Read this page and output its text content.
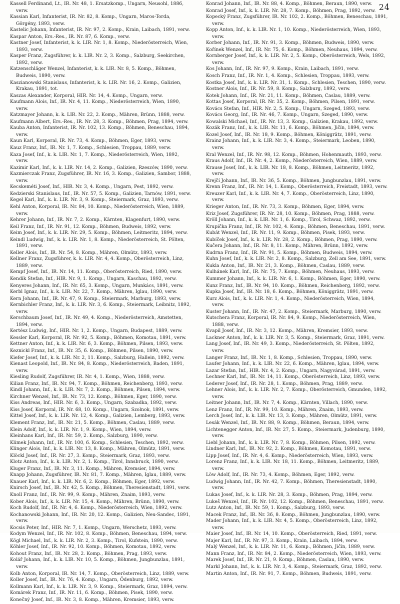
24

Kassell Ferdinand, Lt., IR. Nr. 48, 1. Ersatzkomp., Ungarn, Neusohl, 1886, verw.

Kassian Karl, Infanterist, IR. Nr. 82, 8. Komp., Ungarn, Maros-Torda, Görgény, 1893, verw.

Kastelic Johann, Infanterist, IR. Nr. 97, 2. Komp., Krain, Laibach, 1891, verw.

Kaspar Anton, Ers.-Res., IR. Nr. 87, 6. Komp., verw.

Kastner Josef, Infanterist, k. k. LIR. Nr. 1, 8. Komp., Niederösterreich, Wien, 1893, verw.

Kasper Franz, Zugsführer, k. k. LIR. Nr. 2, 3. Komp., Salzburg, Seekirchen, 1892, verw.

Katzenschläger Wenzel, Infanterist, k. k. LIR. Nr. 8, 5. Komp., Böhmen, Budweis, 1890, verw.

Kaszianowski Stanislaus, Infanterist, k. k. LIR. Nr. 16, 2. Komp., Galizien, Krakau, 1891, tot.

Kaszas Alexander, Korporal, HIR. Nr. 14, 4. Komp., Ungarn, verw.

Kaufmann Alois, Inf., IR. Nr. 4, 11. Komp., Niederösterreich, Wien, 1890, verw.

Katzmayer Johann, k. k. LIR. Nr. 22, 2. Komp., Mähren, Brünn, 1888, verw.

Kaufmann Albert, Ers.-Res., IR. Nr. 28, 3. Komp., Böhmen, Prag, 1894, verw.

Kauba Anton, Infanterist, IR. Nr. 102, 13. Komp., Böhmen, Beneschau, 1894, verw.

Kaun Karl, Korporal, IR. Nr. 73, 4. Komp., Böhmen, Eger, 1893, verw.

Kauz Franz, Inf., IR. Nr. 1, 7. Komp., Schlesien, Troppau, 1889, verw.

Kaza Josef, Inf., k. k. LIR. Nr. 1, 7. Komp., Niederösterreich, Wien, 1892, verw.

Kazimir Karl, Inf., k. k. LIR. Nr. 14, 2. Komp., Galizien, Rzeszów, 1890, verw.

Kazmierczak Franz, Zugsführer, IR. Nr. 16, 3. Komp., Galizien, Sambor, 1888, verw.

Kecskeméti Josef, Inf., HIR. Nr. 3, 4. Komp., Ungarn, Pest, 1892, verw.

Kedzierski Stanislaus, Inf., IR. Nr. 57, 5. Komp., Galizien, Tarnów, 1891, verw.

Kegel Karl, Inf., k. k. LIR. Nr. 3, 9. Komp., Steiermark, Graz, 1893, verw.

Kehl Anton, Korporal, IR. Nr. 84, 10. Komp., Niederösterreich, Wien, 1889, verw.

Kehrer Johann, Inf., IR. Nr. 7, 2. Komp., Kärnten, Klagenfurt, 1890, verw.

Keil Franz, Inf., IR. Nr. 91, 12. Komp., Böhmen, Budweis, 1892, verw.

Keim Josef, Inf., k. k. LIR. Nr. 29, 5. Komp., Böhmen, Leitmeritz, 1894, verw.

Keindl Ludwig, Inf., k. k. LIR. Nr. 1, 8. Komp., Niederösterreich, St. Pölten, 1891, verw.

Keller Alois, Inf., IR. Nr. 54, 8. Komp., Mähren, Olmütz, 1893, verw.

Kellner Franz, Zugsführer, k. k. LIR. Nr. 4, 4. Komp., Oberösterreich, Linz, 1889, verw.

Kempf Josef, Inf., IR. Nr. 14, 11. Komp., Oberösterreich, Ried, 1890, verw.

Kendik Stefan, Inf., HIR. Nr. 9, 1. Komp., Ungarn, Kaschau, 1892, verw.

Kenyeres Johann, Inf., IR. Nr. 65, 3. Komp., Ungarn, Munkács, 1891, verw.

Kerbl Ignaz, Inf., k. k. LIR. Nr. 22, 7. Komp., Mähren, Iglau, 1890, verw.

Kern Johann, Inf., IR. Nr. 47, 9. Komp., Steiermark, Marburg, 1893, verw.

Kernbichler Franz, Inf., k. k. LIR. Nr. 3, 6. Komp., Steiermark, Leibnitz, 1892, verw.

Kerschbaum Josef, Inf., IR. Nr. 49, 4. Komp., Niederösterreich, Amstetten, 1894, verw.

Kertész Ludwig, Inf., HIR. Nr. 1, 2. Komp., Ungarn, Budapest, 1889, verw.

Kessler Karl, Korporal, IR. Nr. 92, 5. Komp., Böhmen, Komotau, 1891, verw.

Kettner Anton, Inf., k. k. LIR. Nr. 6, 3. Komp., Böhmen, Pilsen, 1893, verw.

Keznickl Franz, Inf., IR. Nr. 35, 6. Komp., Böhmen, Pilsen, 1890, verw.

Kiefer Josef, Inf., k. k. LIR. Nr. 2, 11. Komp., Salzburg, Hallein, 1892, verw.

Kienast Leopold, Inf., IR. Nr. 84, 8. Komp., Niederösterreich, Baden, 1891, verw.

Kiesling Rudolf, Zugsführer, IR. Nr. 4, 1. Komp., Wien, 1888, verw.

Kilian Franz, Inf., IR. Nr. 94, 7. Komp., Böhmen, Reichenberg, 1893, verw.

Kindl Johann, Inf., k. k. LIR. Nr. 7, 2. Komp., Böhmen, Pilsen, 1894, verw.

Kirchner Wenzel, Inf., IR. Nr. 73, 12. Komp., Böhmen, Eger, 1890, verw.

Kiss Andreas, Inf., HIR. Nr. 6, 3. Komp., Ungarn, Szabadka, 1892, verw.

Kiss Josef, Korporal, IR. Nr. 68, 10. Komp., Ungarn, Szolnok, 1891, verw.

Kittel Josef, Inf., k. k. LIR. Nr. 12, 4. Komp., Galizien, Lemberg, 1893, verw.

Klement Franz, Inf., IR. Nr. 21, 5. Komp., Böhmen, Caslau, 1889, verw.

Klein Adolf, Inf., k. k. LIR. Nr. 1, 9. Komp., Wien, 1894, verw.

Kleinhans Karl, Inf., IR. Nr. 59, 2. Komp., Salzburg, 1890, verw.

Klimek Johann, Inf., IR. Nr. 100, 6. Komp., Schlesien, Teschen, 1892, verw.

Klinger Alois, Inf., k. k. LIR. Nr. 13, 8. Komp., Mähren, Olmütz, 1891, verw.

Klöckl Josef, Inf., IR. Nr. 27, 3. Komp., Steiermark, Graz, 1893, verw.

Klotz Anton, Inf., k. k. LIR. Nr. 2, 1. Komp., Tirol, Innsbruck, 1890, verw.

Kluger Franz, Inf., IR. Nr. 3, 11. Komp., Mähren, Kremsier, 1894, verw.

Knapp Johann, Zugsführer, IR. Nr. 81, 7. Komp., Mähren, Iglau, 1889, verw.

Knauer Karl, Inf., k. k. LIR. Nr. 6, 2. Komp., Böhmen, Eger, 1892, verw.

Knirsch Josef, Inf., IR. Nr. 42, 5. Komp., Böhmen, Theresienstadt, 1891, verw.

Knoll Franz, Inf., IR. Nr. 99, 9. Komp., Mähren, Znaim, 1893, verw.

Kober Alois, Inf., k. k. LIR. Nr. 15, 4. Komp., Mähren, Brünn, 1890, verw.

Koch Rudolf, Inf., IR. Nr. 4, 6. Komp., Niederösterreich, Wien, 1892, verw.

Kochanowski Johann, Inf., IR. Nr. 20, 12. Komp., Galizien, Neu-Sandec, 1891, verw.

Kocsis Peter, Inf., HIR. Nr. 7, 1. Komp., Ungarn, Werschetz, 1893, verw.

Kodym Wenzel, Inf., IR. Nr. 102, 8. Komp., Böhmen, Beneschau, 1894, verw.

Kögl Michael, Inf., k. k. LIR. Nr. 2, 3. Komp., Tirol, Kufstein, 1890, verw.

Köhler Josef, Inf., IR. Nr. 92, 10. Komp., Böhmen, Komotau, 1892, verw.

Kohout Franz, Inf., IR. Nr. 28, 2. Komp., Böhmen, Prag, 1893, verw.

Kolář Johann, Inf., k. k. LIR. Nr. 10, 5. Komp., Böhmen, Jungbunzlau, 1891, verw.

Kolb Anton, Korporal, IR. Nr. 14, 7. Komp., Oberösterreich, Linz, 1889, verw.

Koller Josef, Inf., IR. Nr. 76, 4. Komp., Ungarn, Ödenburg, 1892, verw.

Kollmann Karl, Inf., k. k. LIR. Nr. 3, 9. Komp., Steiermark, Graz, 1894, verw.

Komárek Franz, Inf., IR. Nr. 11, 6. Komp., Böhmen, Pisek, 1890, verw.

Konečný Josef, Inf., IR. Nr. 3, 8. Komp., Mähren, Kremsier, 1893, verw.

Konrad Johann, Inf., IR. Nr. 88, 4. Komp., Böhmen, Beraun, 1890, verw.

Konrad Josef, Inf., k. k. LIR. Nr. 28, 7. Komp., Böhmen, Prag, 1892, verw.

Kopecký Franz, Zugsführer, IR. Nr. 102, 2. Komp., Böhmen, Beneschau, 1891, verw.

Kopp Anton, Inf., k. k. LIR. Nr. 1, 10. Komp., Niederösterreich, Wien, 1893, verw.

Korber Johann, Inf., IR. Nr. 91, 3. Komp., Böhmen, Budweis, 1890, verw.

Kořínek Wenzel, Inf., IR. Nr. 75, 6. Komp., Böhmen, Neuhaus, 1894, verw.

Kornberger Josef, Inf., k. k. LIR. Nr. 2, 5. Komp., Oberösterreich, Wels, 1892, verw.

Kos Johann, Inf., IR. Nr. 97, 9. Komp., Krain, Laibach, 1891, verw.

Kosch Franz, Inf., IR. Nr. 1, 4. Komp., Schlesien, Troppau, 1893, verw.

Kostka Josef, Inf., k. k. LIR. Nr. 31, 1. Komp., Schlesien, Teschen, 1890, verw.

Kostner Alois, Inf., IR. Nr. 59, 8. Komp., Salzburg, 1892, verw.

Kotek Johann, Inf., IR. Nr. 21, 11. Komp., Böhmen, Caslau, 1889, verw.

Kottas Josef, Korporal, IR. Nr. 35, 2. Komp., Böhmen, Pilsen, 1891, verw.

Kovács Stefan, Inf., HIR. Nr. 2, 5. Komp., Ungarn, Szeged, 1893, verw.

Kovács Georg, Inf., IR. Nr. 46, 7. Komp., Ungarn, Szeged, 1890, verw.

Kowalski Michael, Inf., IR. Nr. 13, 3. Komp., Galizien, Krakau, 1892, verw.

Kozák Franz, Inf., k. k. LIR. Nr. 11, 6. Komp., Böhmen, Jičín, 1894, verw.

Kozel Josef, Inf., IR. Nr. 18, 9. Komp., Böhmen, Königgrätz, 1891, verw.

Krainz Johann, Inf., k. k. LIR. Nr. 3, 4. Komp., Steiermark, Leoben, 1890, verw.

Kral Wenzel, Inf., IR. Nr. 98, 12. Komp., Böhmen, Hohenmauth, 1893, verw.

Kraus Adolf, Inf., IR. Nr. 4, 2. Komp., Niederösterreich, Wien, 1889, verw.

Krause Josef, Inf., k. k. LIR. Nr. 18, 8. Komp., Böhmen, Leitmeritz, 1892, verw.

Krejčí Johann, Inf., IR. Nr. 36, 5. Komp., Böhmen, Jungbunzlau, 1891, verw.

Krenn Franz, Inf., IR. Nr. 14, 1. Komp., Oberösterreich, Freistadt, 1893, verw.

Kreuzer Karl, Inf., k. k. LIR. Nr. 4, 7. Komp., Oberösterreich, Linz, 1890, verw.

Krieger Anton, Inf., IR. Nr. 73, 3. Komp., Böhmen, Eger, 1894, verw.

Kriz Josef, Zugsführer, IR. Nr. 28, 10. Komp., Böhmen, Prag, 1888, verw.

Kröll Johann, Inf., k. k. LIR. Nr. 1, 6. Komp., Tirol, Schwaz, 1892, verw.

Krupička Franz, Inf., IR. Nr. 102, 4. Komp., Böhmen, Beneschau, 1891, verw.

Kubát Wenzel, Inf., IR. Nr. 11, 9. Komp., Böhmen, Pisek, 1893, verw.

Kubíček Josef, Inf., k. k. LIR. Nr. 28, 2. Komp., Böhmen, Prag, 1890, verw.

Kučera Johann, Inf., IR. Nr. 8, 11. Komp., Mähren, Brünn, 1892, verw.

Kudrna Franz, Inf., IR. Nr. 91, 5. Komp., Böhmen, Budweis, 1894, verw.

Kuhn Josef, Inf., k. k. LIR. Nr. 2, 8. Komp., Salzburg, Zell am See, 1891, verw.

Kukla Anton, Inf., IR. Nr. 21, 3. Komp., Böhmen, Caslau, 1889, verw.

Kulhánek Karl, Inf., IR. Nr. 75, 7. Komp., Böhmen, Neuhaus, 1893, verw.

Kummer Johann, Inf., k. k. LIR. Nr. 6, 1. Komp., Böhmen, Eger, 1890, verw.

Kunz Franz, Inf., IR. Nr. 94, 10. Komp., Böhmen, Reichenberg, 1892, verw.

Kupka Josef, Inf., IR. Nr. 18, 6. Komp., Böhmen, Königgrätz, 1891, verw.

Kurz Alois, Inf., k. k. LIR. Nr. 1, 4. Komp., Niederösterreich, Wien, 1894, verw.

Kuster Johann, Inf., IR. Nr. 47, 2. Komp., Steiermark, Marburg, 1890, verw.

Kutschera Franz, Korporal, IR. Nr. 84, 9. Komp., Niederösterreich, Wien, 1888, verw.

Kvapil Josef, Inf., IR. Nr. 3, 12. Komp., Mähren, Kremsier, 1893, verw.

Lackner Anton, Inf., k. k. LIR. Nr. 3, 5. Komp., Steiermark, Graz, 1891, verw.

Lang Josef, Inf., IR. Nr. 49, 3. Komp., Niederösterreich, St. Pölten, 1892, verw.

Langer Franz, Inf., IR. Nr. 1, 8. Komp., Schlesien, Troppau, 1890, verw.

Laufer Johann, Inf., k. k. LIR. Nr. 22, 6. Komp., Mähren, Iglau, 1894, verw.

Lazar Stefan, Inf., HIR. Nr. 4, 2. Komp., Ungarn, Nagyvárad, 1891, verw.

Lechner Karl, Inf., IR. Nr. 14, 11. Komp., Oberösterreich, Linz, 1893, verw.

Lederer Josef, Inf., IR. Nr. 28, 1. Komp., Böhmen, Prag, 1889, verw.

Lehner Alois, Inf., k. k. LIR. Nr. 2, 7. Komp., Oberösterreich, Gmunden, 1892, verw.

Leitner Johann, Inf., IR. Nr. 7, 4. Komp., Kärnten, Villach, 1890, verw.

Lenz Franz, Inf., IR. Nr. 99, 10. Komp., Mähren, Znaim, 1893, verw.

Lerch Josef, Inf., k. k. LIR. Nr. 13, 3. Komp., Mähren, Olmütz, 1891, verw.

Lesák Wenzel, Inf., IR. Nr. 88, 9. Komp., Böhmen, Beraun, 1894, verw.

Lichtenegger Anton, Inf., IR. Nr. 27, 5. Komp., Steiermark, Judenburg, 1890, verw.

Liebl Johann, Inf., k. k. LIR. Nr. 7, 8. Komp., Böhmen, Pilsen, 1892, verw.

Lindner Karl, Inf., IR. Nr. 92, 2. Komp., Böhmen, Komotau, 1891, verw.

Lipp Josef, Inf., IR. Nr. 4, 6. Komp., Niederösterreich, Wien, 1893, verw.

Lorenz Franz, Inf., k. k. LIR. Nr. 18, 11. Komp., Böhmen, Leitmeritz, 1889, verw.

Löw Adolf, Inf., IR. Nr. 73, 4. Komp., Böhmen, Eger, 1892, verw.

Ludwig Johann, Inf., IR. Nr. 42, 7. Komp., Böhmen, Theresienstadt, 1890, verw.

Lukas Josef, Inf., k. k. LIR. Nr. 28, 3. Komp., Böhmen, Prag, 1894, verw.

Lukeš Wenzel, Inf., IR. Nr. 102, 12. Komp., Böhmen, Beneschau, 1891, verw.

Lutz Anton, Inf., IR. Nr. 59, 1. Komp., Salzburg, 1893, verw.

Macek Franz, Inf., IR. Nr. 36, 8. Komp., Böhmen, Jungbunzlau, 1890, verw.

Mader Johann, Inf., k. k. LIR. Nr. 4, 5. Komp., Oberösterreich, Linz, 1892, verw.

Maier Josef, Inf., IR. Nr. 14, 10. Komp., Oberösterreich, Ried, 1891, verw.

Majer Karl, Inf., IR. Nr. 97, 3. Komp., Krain, Laibach, 1894, verw.

Malý Wenzel, Inf., k. k. LIR. Nr. 11, 6. Komp., Böhmen, Jičín, 1889, verw.

Mann Franz, Inf., IR. Nr. 84, 2. Komp., Niederösterreich, Wien, 1893, verw.

Marek Josef, Inf., IR. Nr. 21, 9. Komp., Böhmen, Caslau, 1890, verw.

Markl Johann, Inf., k. k. LIR. Nr. 3, 4. Komp., Steiermark, Graz, 1892, verw.

Martin Anton, Inf., IR. Nr. 91, 7. Komp., Böhmen, Budweis, 1891, verw.
